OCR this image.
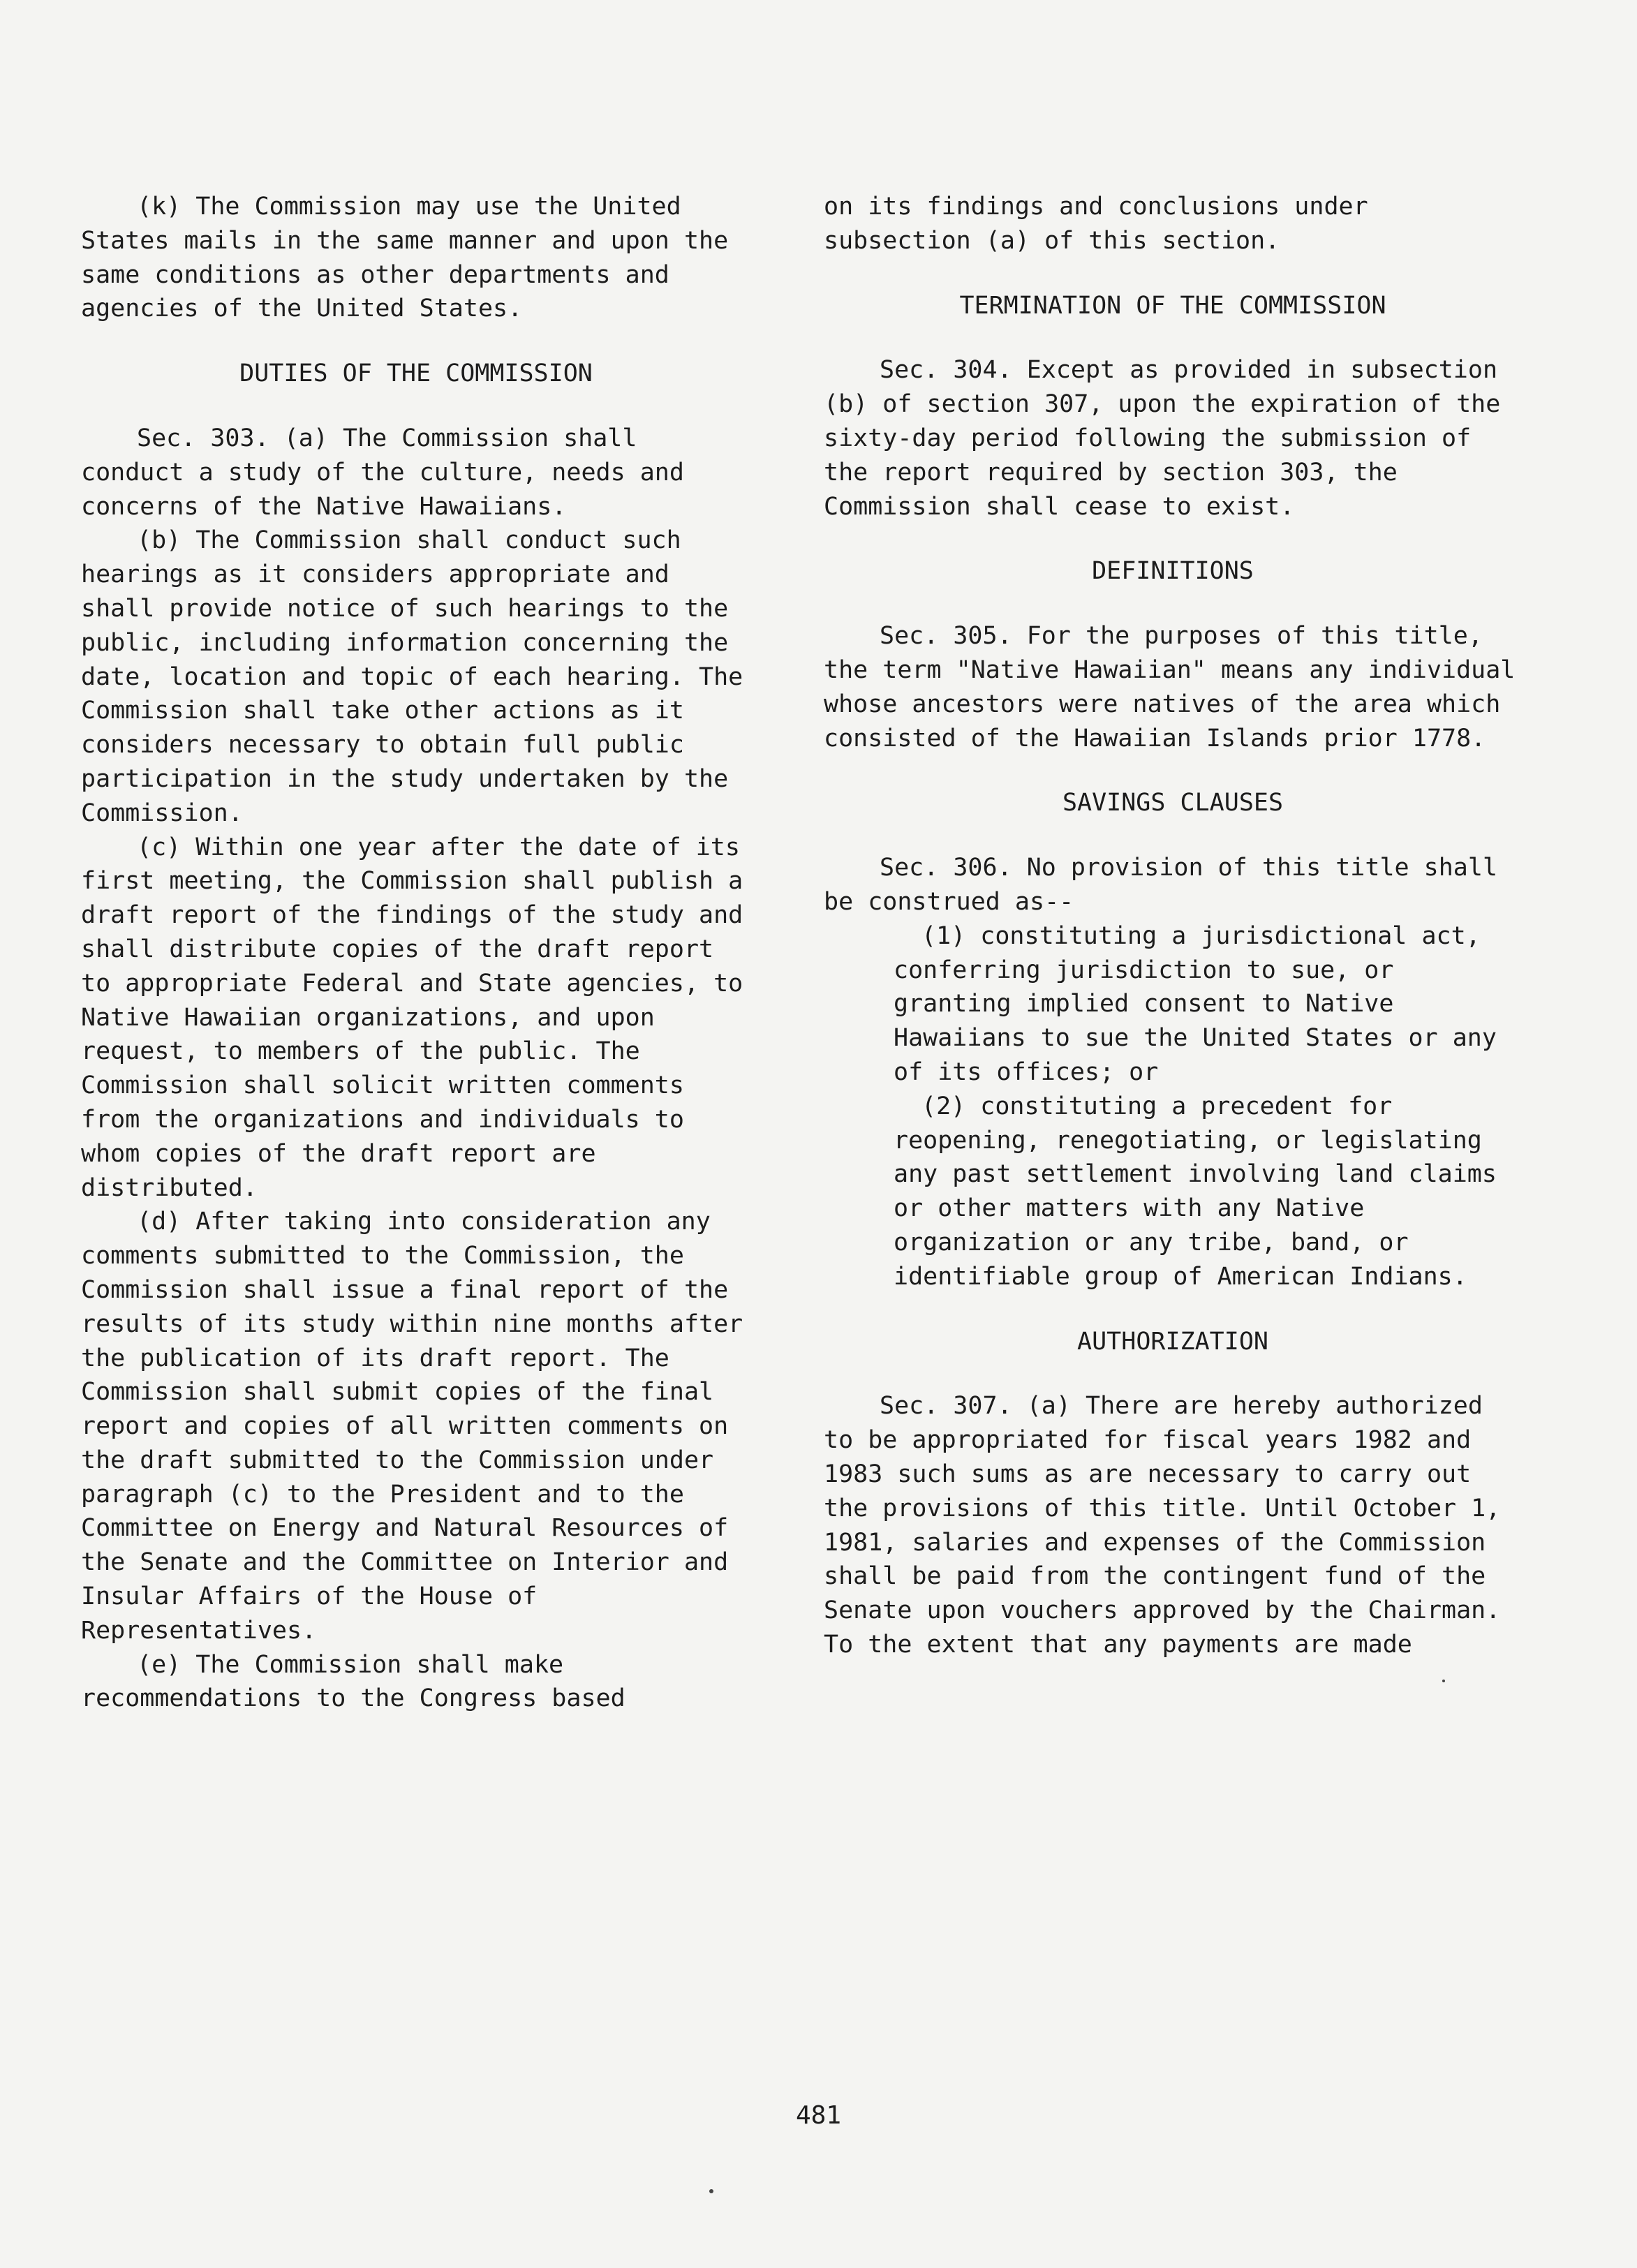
(k) The Commission may use the United States mails in the same manner and upon the same conditions as other departments and agencies of the United States.

DUTIES OF THE COMMISSION

Sec. 303. (a) The Commission shall conduct a study of the culture, needs and concerns of the Native Hawaiians.

(b) The Commission shall conduct such hearings as it considers appropriate and shall provide notice of such hearings to the public, including information concerning the date, location and topic of each hearing. The Commission shall take other actions as it considers necessary to obtain full public participation in the study undertaken by the Commission.

(c) Within one year after the date of its first meeting, the Commission shall publish a draft report of the findings of the study and shall distribute copies of the draft report to appropriate Federal and State agencies, to Native Hawaiian organizations, and upon request, to members of the public. The Commission shall solicit written comments from the organizations and individuals to whom copies of the draft report are distributed.

(d) After taking into consideration any comments submitted to the Commission, the Commission shall issue a final report of the results of its study within nine months after the publication of its draft report. The Commission shall submit copies of the final report and copies of all written comments on the draft submitted to the Commission under paragraph (c) to the President and to the Committee on Energy and Natural Resources of the Senate and the Committee on Interior and Insular Affairs of the House of Representatives.

(e) The Commission shall make recommendations to the Congress based

on its findings and conclusions under subsection (a) of this section.

TERMINATION OF THE COMMISSION

Sec. 304. Except as provided in subsection (b) of section 307, upon the expiration of the sixty-day period following the submission of the report required by section 303, the Commission shall cease to exist.

DEFINITIONS

Sec. 305. For the purposes of this title, the term "Native Hawaiian" means any individual whose ancestors were natives of the area which consisted of the Hawaiian Islands prior 1778.

SAVINGS CLAUSES

Sec. 306. No provision of this title shall be construed as--

(1) constituting a jurisdictional act, conferring jurisdiction to sue, or granting implied consent to Native Hawaiians to sue the United States or any of its offices; or

(2) constituting a precedent for reopening, renegotiating, or legislating any past settlement involving land claims or other matters with any Native organization or any tribe, band, or identifiable group of American Indians.

AUTHORIZATION

Sec. 307. (a) There are hereby authorized to be appropriated for fiscal years 1982 and 1983 such sums as are necessary to carry out the provisions of this title. Until October 1, 1981, salaries and expenses of the Commission shall be paid from the contingent fund of the Senate upon vouchers approved by the Chairman. To the extent that any payments are made

481
